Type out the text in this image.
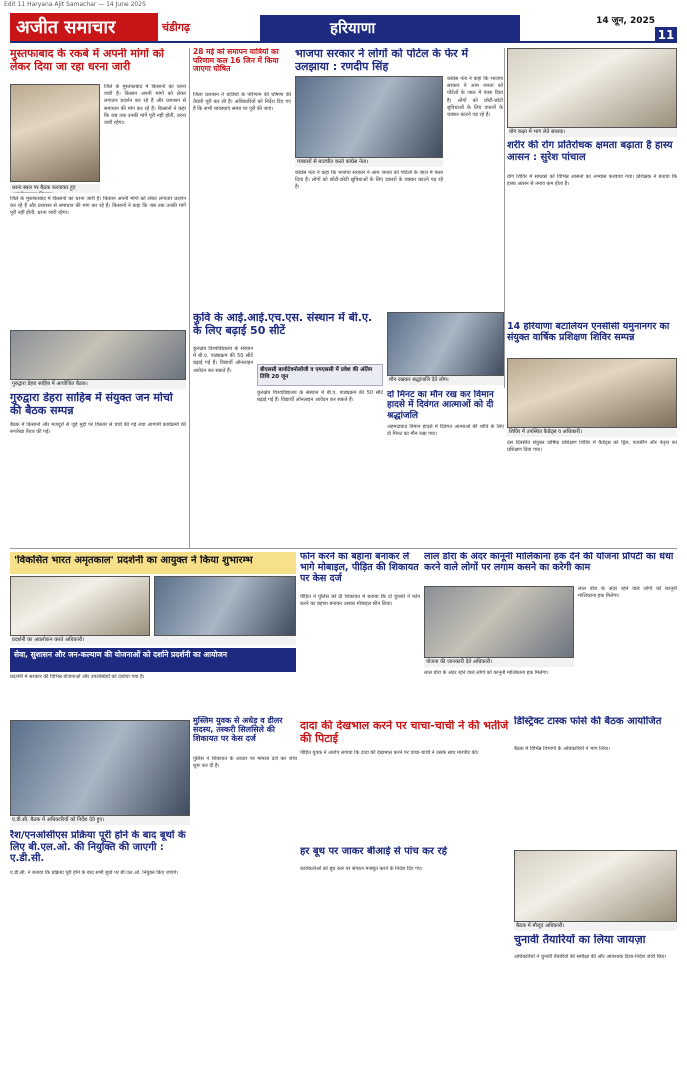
Edit 11 Haryana Ajit Samachar — 14 June 2025
अजीत समाचार	चंडीगढ़	हरियाणा	14 जून, 2025
11
मुस्तफाबाद के रकबे में अपनी मांगों को लेकर दिया जा रहा धरना जारी
जिले के मुस्तफाबाद में किसानों का धरना जारी है। किसान अपनी मांगों को लेकर लगातार प्रदर्शन कर रहे हैं और प्रशासन से समाधान की मांग कर रहे हैं। किसानों ने कहा कि जब तक उनकी मांगें पूरी नहीं होतीं, धरना जारी रहेगा।
धरना स्थल पर बैठक करवाकर हुए
जिले के मुस्तफाबाद में किसानों का धरना जारी है। किसान अपनी मांगों को लेकर लगातार प्रदर्शन कर रहे हैं और प्रशासन से समाधान की मांग कर रहे हैं। किसानों ने कहा कि जब तक उनकी मांगें पूरी नहीं होतीं, धरना जारी रहेगा।
28 मई को समापन यात्रियों का परिणाम कल 16 जिन में किया जाएगा घोषित
जिला प्रशासन ने यात्रियों के परिणाम की घोषणा की तैयारी पूरी कर ली है। अधिकारियों को निर्देश दिए गए हैं कि सभी व्यवस्थाएं समय पर पूरी की जाएं।
भाजपा सरकार ने लोगों को पोर्टल के फेर में उलझाया : रणदीप सिंह
पत्रकारों से बातचीत करते कांग्रेस नेता।
कांग्रेस नेता ने कहा कि भाजपा सरकार ने आम जनता को पोर्टलों के जाल में फंसा दिया है। लोगों को छोटी-छोटी सुविधाओं के लिए दफ्तरों के चक्कर काटने पड़ रहे हैं।
कांग्रेस नेता ने कहा कि भाजपा सरकार ने आम जनता को पोर्टलों के जाल में फंसा दिया है। लोगों को छोटी-छोटी सुविधाओं के लिए दफ्तरों के चक्कर काटने पड़ रहे हैं।
योग कक्षा में भाग लेते साधक।
शरीर की रोग प्रतिरोधक क्षमता बढ़ाता है हास्य आसन : सुरेश पांचाल
योग शिविर में साधकों को विभिन्न आसनों का अभ्यास करवाया गया। प्रशिक्षक ने बताया कि हास्य आसन से तनाव कम होता है।
कुवि के आई.आई.एच.एस. संस्थान में बी.ए. के लिए बढ़ाई 50 सीटें
कुरुक्षेत्र विश्वविद्यालय के संस्थान में बी.ए. पाठ्यक्रम की 50 सीटें बढ़ाई गई हैं। विद्यार्थी ऑनलाइन आवेदन कर सकते हैं।	बीएससी बायोटेक्नोलॉजी व एमएससी में प्रवेश की अंतिम तिथि 20 जून
कुरुक्षेत्र विश्वविद्यालय के संस्थान में बी.ए. पाठ्यक्रम की 50 सीटें बढ़ाई गई हैं। विद्यार्थी ऑनलाइन आवेदन कर सकते हैं।
गुरुद्वारा डेहरा साहिब में आयोजित बैठक।
गुरुद्वारा डेहरा साहिब में संयुक्त जन मोर्चा की बैठक सम्पन्न
बैठक में किसानों और मजदूरों से जुड़े मुद्दों पर विस्तार से चर्चा की गई तथा आगामी कार्यक्रमों की रूपरेखा तैयार की गई।
14 हरियाणा बटालियन एनसीसी यमुनानगर का संयुक्त वार्षिक प्रशिक्षण शिविर सम्पन्न
शिविर में उपस्थित कैडेट्स व अधिकारी।
दस दिवसीय संयुक्त वार्षिक प्रशिक्षण शिविर में कैडेट्स को ड्रिल, फायरिंग और नेतृत्व का प्रशिक्षण दिया गया।
मौन रखकर श्रद्धांजलि देते लोग।
दो मिनट का मौन रख कर विमान हादसे में दिवंगत आत्माओं को दी श्रद्धांजलि
अहमदाबाद विमान हादसे में दिवंगत आत्माओं की शांति के लिए दो मिनट का मौन रखा गया।
'विकसित भारत अमृतकाल' प्रदर्शनी का आयुक्त ने किया शुभारम्भ
प्रदर्शनी का अवलोकन करते अधिकारी।
सेवा, सुशासन और जन-कल्याण की योजनाओं को दर्शाने प्रदर्शनी का आयोजन
प्रदर्शनी में सरकार की विभिन्न योजनाओं और उपलब्धियों को दर्शाया गया है।
फोन करने का बहाना बनाकर ले भागे मोबाइल, पीड़ित की शिकायत पर केस दर्ज
पीड़ित ने पुलिस को दी शिकायत में बताया कि दो युवकों ने फोन करने का बहाना बनाकर उसका मोबाइल छीन लिया।
लाल डोरा के अंदर कानूनी मालिकाना हक देने की योजना प्रॉपर्टी का धंधा करने वाले लोगों पर लगाम कसने का करेगी काम
योजना की जानकारी देते अधिकारी।
लाल डोरा के अंदर रहने वाले लोगों को कानूनी मालिकाना हक मिलेगा।
लाल डोरा के अंदर रहने वाले लोगों को कानूनी मालिकाना हक मिलेगा।
मुस्लिम युवक से अधेड़ व डीलर सदस्य, तस्करी सिलसिले की शिकायत पर केस दर्ज
पुलिस ने शिकायत के आधार पर मामला दर्ज कर जांच शुरू कर दी है।
दादा की देखभाल करने पर चाचा-चाची ने की भतीजे की पिटाई
पीड़ित युवक ने आरोप लगाया कि दादा की देखभाल करने पर चाचा-चाची ने उसके साथ मारपीट की।
डिस्ट्रिक्ट टास्क फोर्स की बैठक आयोजित
बैठक में विभिन्न विभागों के अधिकारियों ने भाग लिया।
ए.डी.सी. बैठक में अधिकारियों को निर्देश देते हुए।
रैश/एनओसीएस प्रक्रिया पूरी होने के बाद बूथों के लिए बी.एल.ओ. की नियुक्ति की जाएगी : ए.डी.सी.
ए.डी.सी. ने बताया कि प्रक्रिया पूरी होने के बाद सभी बूथों पर बी.एल.ओ. नियुक्त किए जाएंगे।
हर बूथ पर जाकर बीआई से पांच कर रहे
कार्यकर्ताओं को बूथ स्तर पर संगठन मजबूत करने के निर्देश दिए गए।
बैठक में मौजूद अधिकारी।
चुनावी तैयारियों का लिया जायज़ा
अधिकारियों ने चुनावी तैयारियों की समीक्षा की और आवश्यक दिशा-निर्देश जारी किए।
